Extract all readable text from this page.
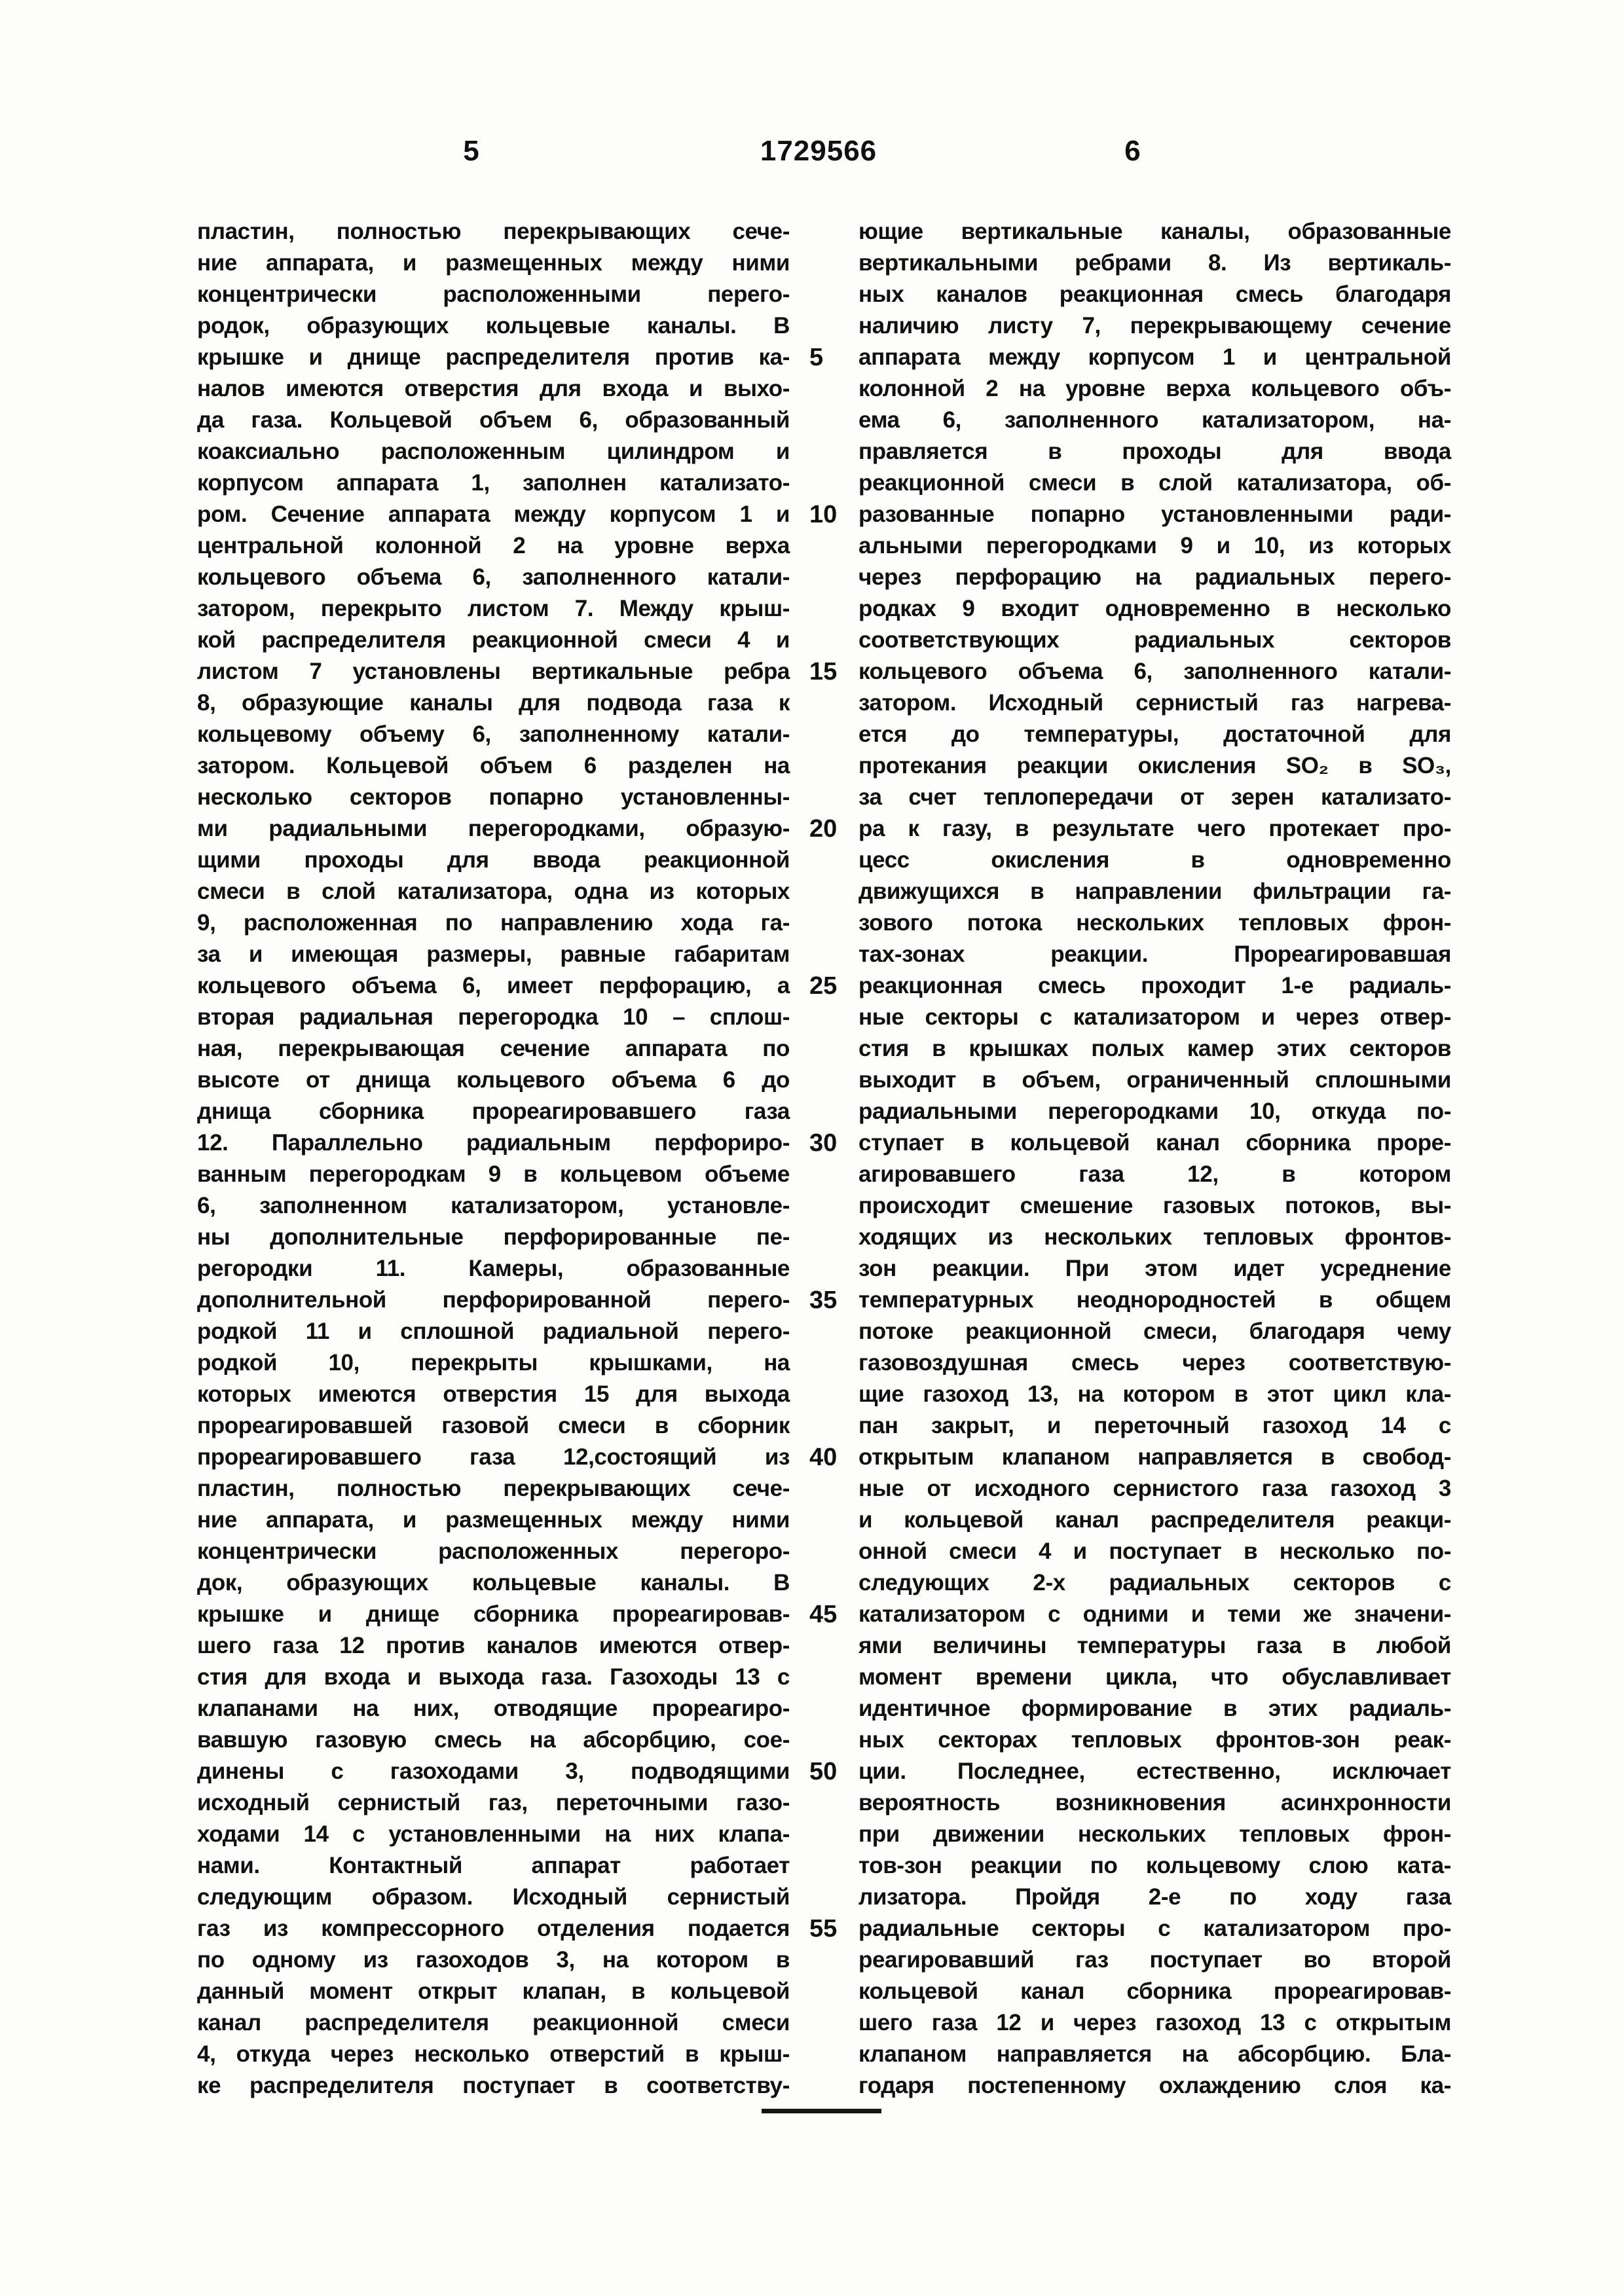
5	1729566	6
пластин, полностью перекрывающих сече-
ние аппарата, и размещенных между ними
концентрически расположенными перего-
родок, образующих кольцевые каналы. В
крышке и днище распределителя против ка-
налов имеются отверстия для входа и выхо-
да газа. Кольцевой объем 6, образованный
коаксиально расположенным цилиндром и
корпусом аппарата 1, заполнен катализато-
ром. Сечение аппарата между корпусом 1 и
центральной колонной 2 на уровне верха
кольцевого объема 6, заполненного катали-
затором, перекрыто листом 7. Между крыш-
кой распределителя реакционной смеси 4 и
листом 7 установлены вертикальные ребра
8, образующие каналы для подвода газа к
кольцевому объему 6, заполненному катали-
затором. Кольцевой объем 6 разделен на
несколько секторов попарно установленны-
ми радиальными перегородками, образую-
щими проходы для ввода реакционной
смеси в слой катализатора, одна из которых
9, расположенная по направлению хода га-
за и имеющая размеры, равные габаритам
кольцевого объема 6, имеет перфорацию, а
вторая радиальная перегородка 10 – сплош-
ная, перекрывающая сечение аппарата по
высоте от днища кольцевого объема 6 до
днища сборника прореагировавшего газа
12. Параллельно радиальным перфориро-
ванным перегородкам 9 в кольцевом объеме
6, заполненном катализатором, установле-
ны дополнительные перфорированные пе-
регородки 11. Камеры, образованные
дополнительной перфорированной перего-
родкой 11 и сплошной радиальной перего-
родкой 10, перекрыты крышками, на
которых имеются отверстия 15 для выхода
прореагировавшей газовой смеси в сборник
прореагировавшего газа 12,состоящий из
пластин, полностью перекрывающих сече-
ние аппарата, и размещенных между ними
концентрически расположенных перегоро-
док, образующих кольцевые каналы. В
крышке и днище сборника прореагировав-
шего газа 12 против каналов имеются отвер-
стия для входа и выхода газа. Газоходы 13 с
клапанами на них, отводящие прореагиро-
вавшую газовую смесь на абсорбцию, сое-
динены с газоходами 3, подводящими
исходный сернистый газ, переточными газо-
ходами 14 с установленными на них клапа-
нами. Контактный аппарат работает
следующим образом. Исходный сернистый
газ из компрессорного отделения подается
по одному из газоходов 3, на котором в
данный момент открыт клапан, в кольцевой
канал распределителя реакционной смеси
4, откуда через несколько отверстий в крыш-
ке распределителя поступает в соответству-
5
10
15
20
25
30
35
40
45
50
55
ющие вертикальные каналы, образованные
вертикальными ребрами 8. Из вертикаль-
ных каналов реакционная смесь благодаря
наличию листу 7, перекрывающему сечение
аппарата между корпусом 1 и центральной
колонной 2 на уровне верха кольцевого объ-
ема 6, заполненного катализатором, на-
правляется в проходы для ввода
реакционной смеси в слой катализатора, об-
разованные попарно установленными ради-
альными перегородками 9 и 10, из которых
через перфорацию на радиальных перего-
родках 9 входит одновременно в несколько
соответствующих радиальных секторов
кольцевого объема 6, заполненного катали-
затором. Исходный сернистый газ нагрева-
ется до температуры, достаточной для
протекания реакции окисления SO₂ в SO₃,
за счет теплопередачи от зерен катализато-
ра к газу, в результате чего протекает про-
цесс окисления в одновременно
движущихся в направлении фильтрации га-
зового потока нескольких тепловых фрон-
тах-зонах реакции. Прореагировавшая
реакционная смесь проходит 1-е радиаль-
ные секторы с катализатором и через отвер-
стия в крышках полых камер этих секторов
выходит в объем, ограниченный сплошными
радиальными перегородками 10, откуда по-
ступает в кольцевой канал сборника проре-
агировавшего газа 12, в котором
происходит смешение газовых потоков, вы-
ходящих из нескольких тепловых фронтов-
зон реакции. При этом идет усреднение
температурных неоднородностей в общем
потоке реакционной смеси, благодаря чему
газовоздушная смесь через соответствую-
щие газоход 13, на котором в этот цикл кла-
пан закрыт, и переточный газоход 14 с
открытым клапаном направляется в свобод-
ные от исходного сернистого газа газоход 3
и кольцевой канал распределителя реакци-
онной смеси 4 и поступает в несколько по-
следующих 2-х радиальных секторов с
катализатором с одними и теми же значени-
ями величины температуры газа в любой
момент времени цикла, что обуславливает
идентичное формирование в этих радиаль-
ных секторах тепловых фронтов-зон реак-
ции. Последнее, естественно, исключает
вероятность возникновения асинхронности
при движении нескольких тепловых фрон-
тов-зон реакции по кольцевому слою ката-
лизатора. Пройдя 2-е по ходу газа
радиальные секторы с катализатором про-
реагировавший газ поступает во второй
кольцевой канал сборника прореагировав-
шего газа 12 и через газоход 13 с открытым
клапаном направляется на абсорбцию. Бла-
годаря постепенному охлаждению слоя ка-
